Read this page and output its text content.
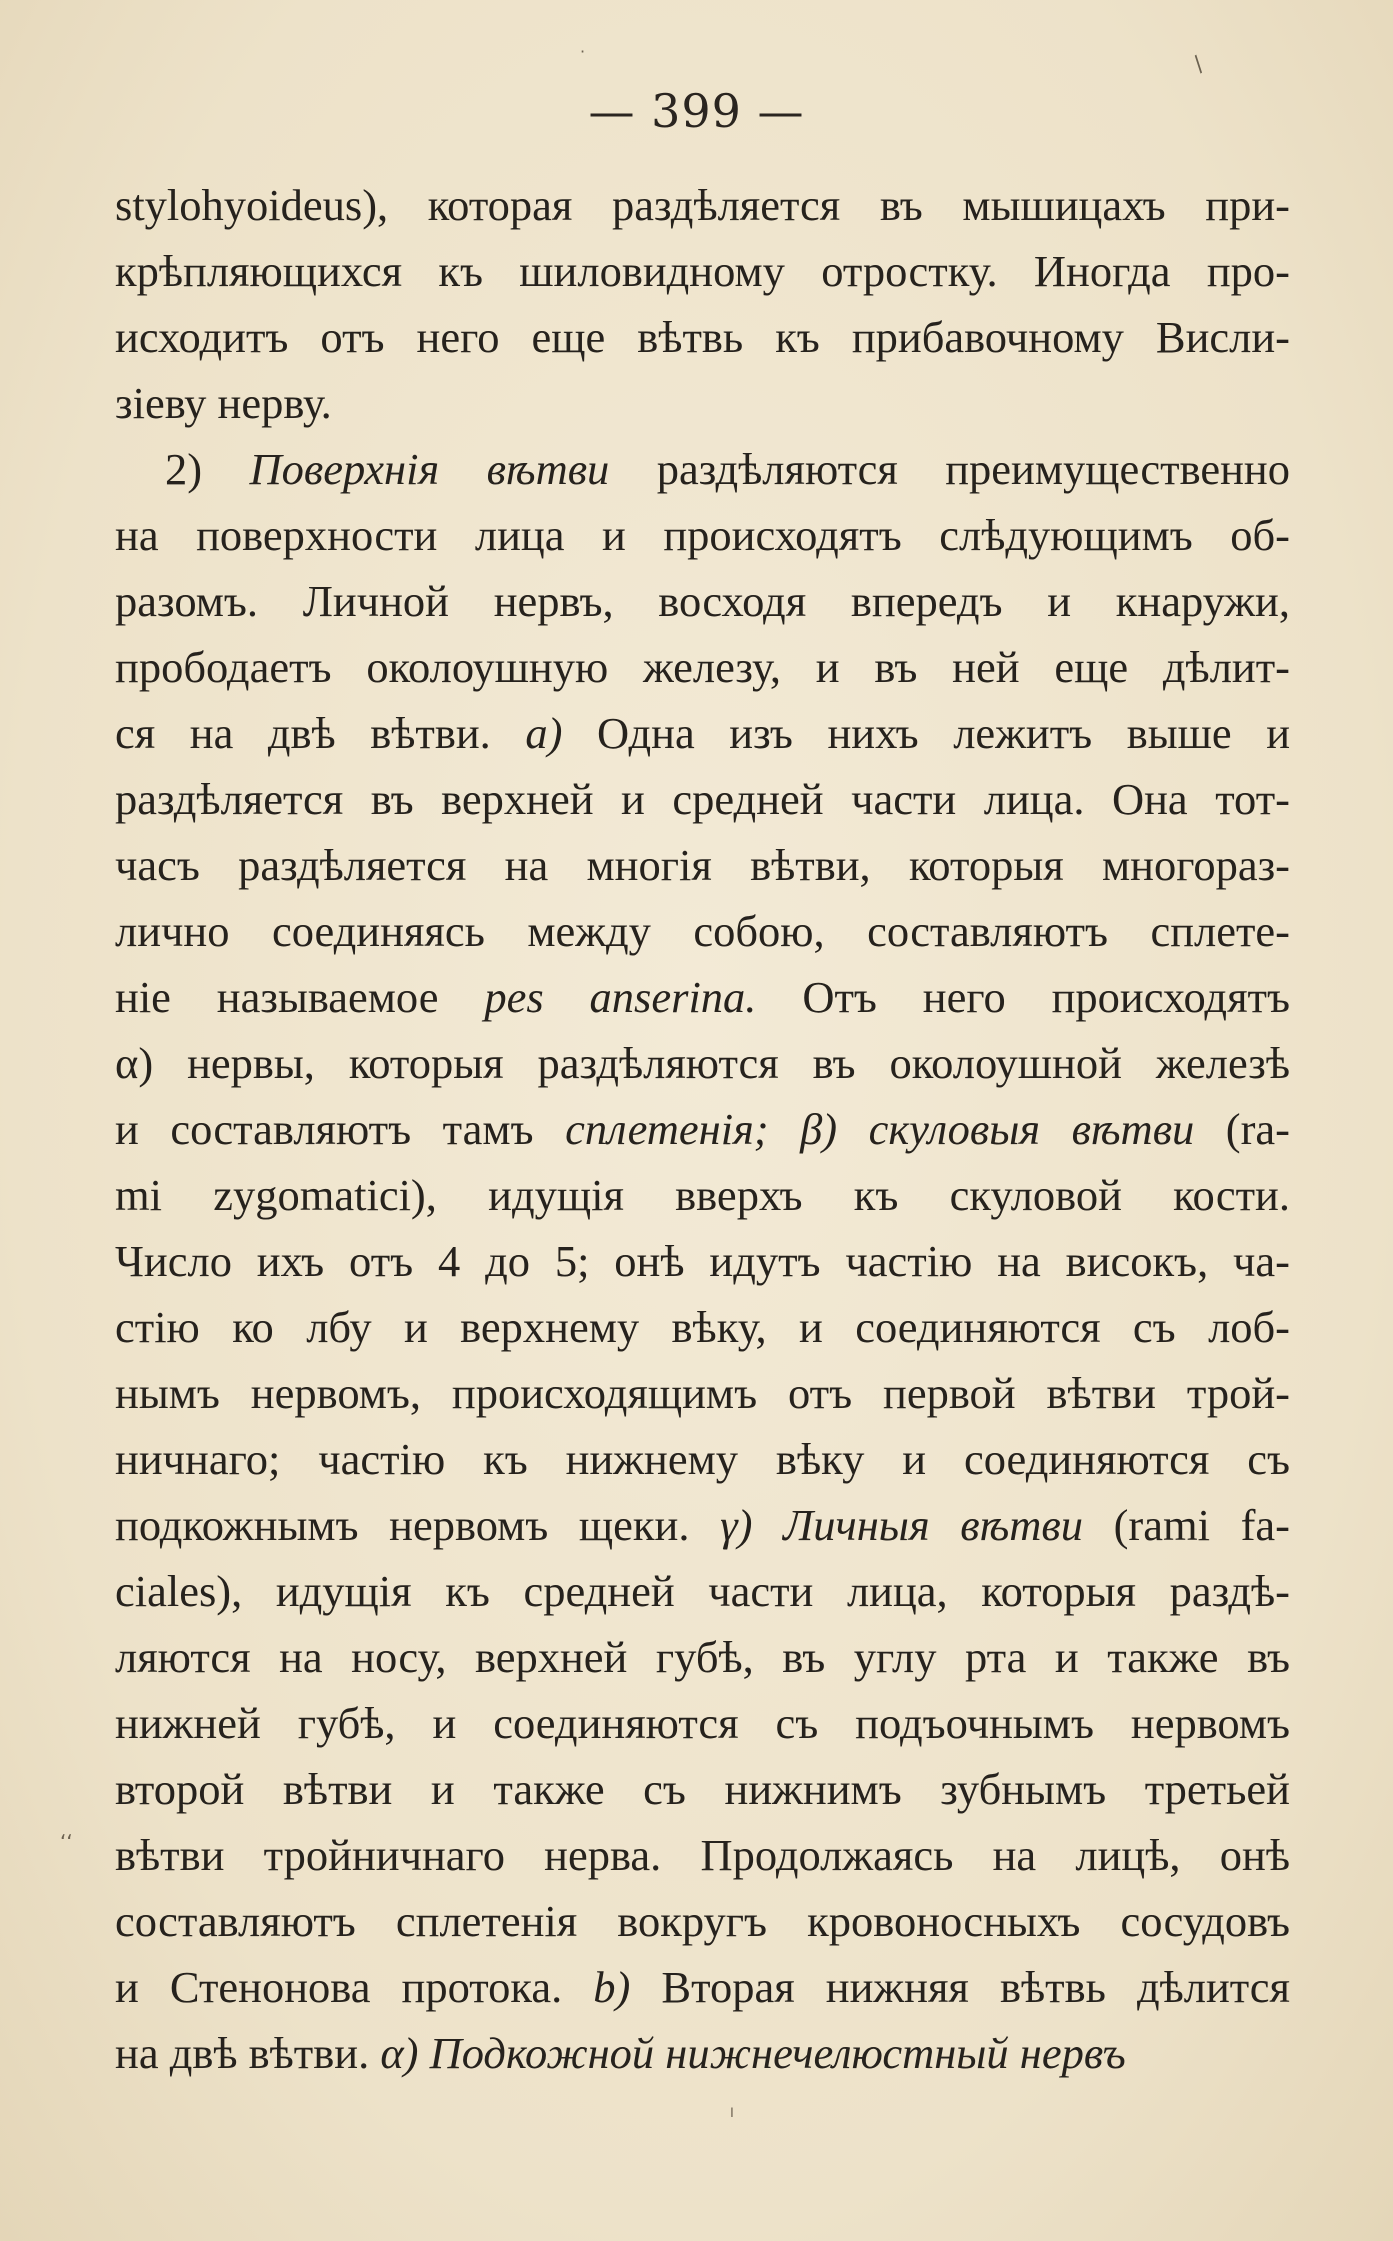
— 399 —
stylohyoideus), которая раздѣляется въ мышицахъ при-
крѣпляющихся къ шиловидному отростку. Иногда про-
исходитъ отъ него еще вѣтвь къ прибавочному Висли-
зіеву нерву.
2) Поверхнія вѣтви раздѣляются преимущественно
на поверхности лица и происходятъ слѣдующимъ об-
разомъ. Личной нервъ, восходя впередъ и кнаружи,
прободаетъ околоушную железу, и въ ней еще дѣлит-
ся на двѣ вѣтви. a) Одна изъ нихъ лежитъ выше и
раздѣляется въ верхней и средней части лица. Она тот-
часъ раздѣляется на многія вѣтви, которыя многораз-
лично соединяясь между собою, составляютъ сплете-
ніе называемое pes anserina. Отъ него происходятъ
α) нервы, которыя раздѣляются въ околоушной железѣ
и составляютъ тамъ сплетенія; β) скуловыя вѣтви (ra-
mi zygomatici), идущія вверхъ къ скуловой кости.
Число ихъ отъ 4 до 5; онѣ идутъ частію на високъ, ча-
стію ко лбу и верхнему вѣку, и соединяются съ лоб-
нымъ нервомъ, происходящимъ отъ первой вѣтви трой-
ничнаго; частію къ нижнему вѣку и соединяются съ
подкожнымъ нервомъ щеки. γ) Личныя вѣтви (rami fa-
ciales), идущія къ средней части лица, которыя раздѣ-
ляются на носу, верхней губѣ, въ углу рта и также въ
нижней губѣ, и соединяются съ подъочнымъ нервомъ
второй вѣтви и также съ нижнимъ зубнымъ третьей
вѣтви тройничнаго нерва. Продолжаясь на лицѣ, онѣ
составляютъ сплетенія вокругъ кровоносныхъ сосудовъ
и Стенонова протока. b) Вторая нижняя вѣтвь дѣлится
на двѣ вѣтви. α) Подкожной нижнечелюстный нервъ
/
·
ʻʻ
ˡ
